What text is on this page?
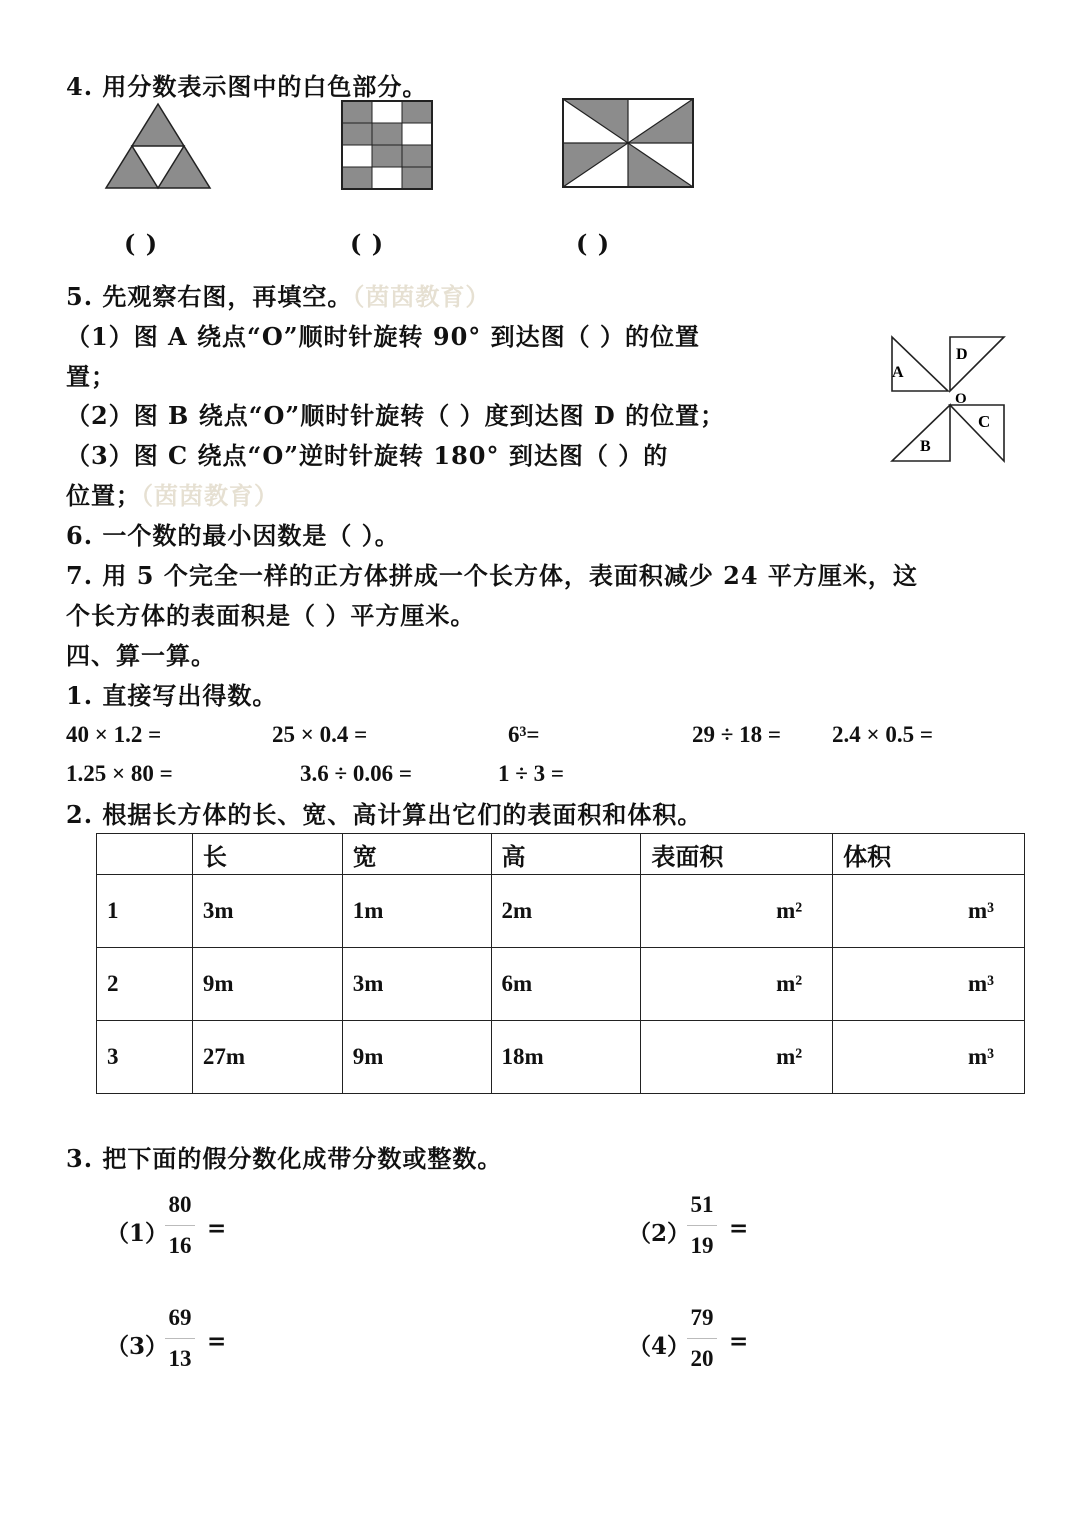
4. 用分数表示图中的白色部分。
( )	( )	( )
5. 先观察右图，再填空。（茵茵教育）
（1）图 A 绕点“O”顺时针旋转 90° 到达图（ ）的位置
置；
（2）图 B 绕点“O”顺时针旋转（ ）度到达图 D 的位置；
（3）图 C 绕点“O”逆时针旋转 180° 到达图（ ）的
位置；（茵茵教育）
A
B
C
D
O
6. 一个数的最小因数是（ ）。
7. 用 5 个完全一样的正方体拼成一个长方体，表面积减少 24 平方厘米，这
个长方体的表面积是（ ）平方厘米。
四、算一算。
1. 直接写出得数。
40 × 1.2 =	25 × 0.4 =	6³=	29 ÷ 18 = 2.4 × 0.5 =
1.25 × 80 =	3.6 ÷ 0.06 =	1 ÷ 3 =
2. 根据长方体的长、宽、高计算出它们的表面积和体积。
	长	宽	高	表面积	体积
1	3m	1m	2m	m²	m³
2	9m	3m	6m	m²	m³
3	27m	9m	18m	m²	m³
3. 把下面的假分数化成带分数或整数。
（1）
80
16
=	（2）
51
19
=
（3）
69
13
=	（4）
79
20
=
